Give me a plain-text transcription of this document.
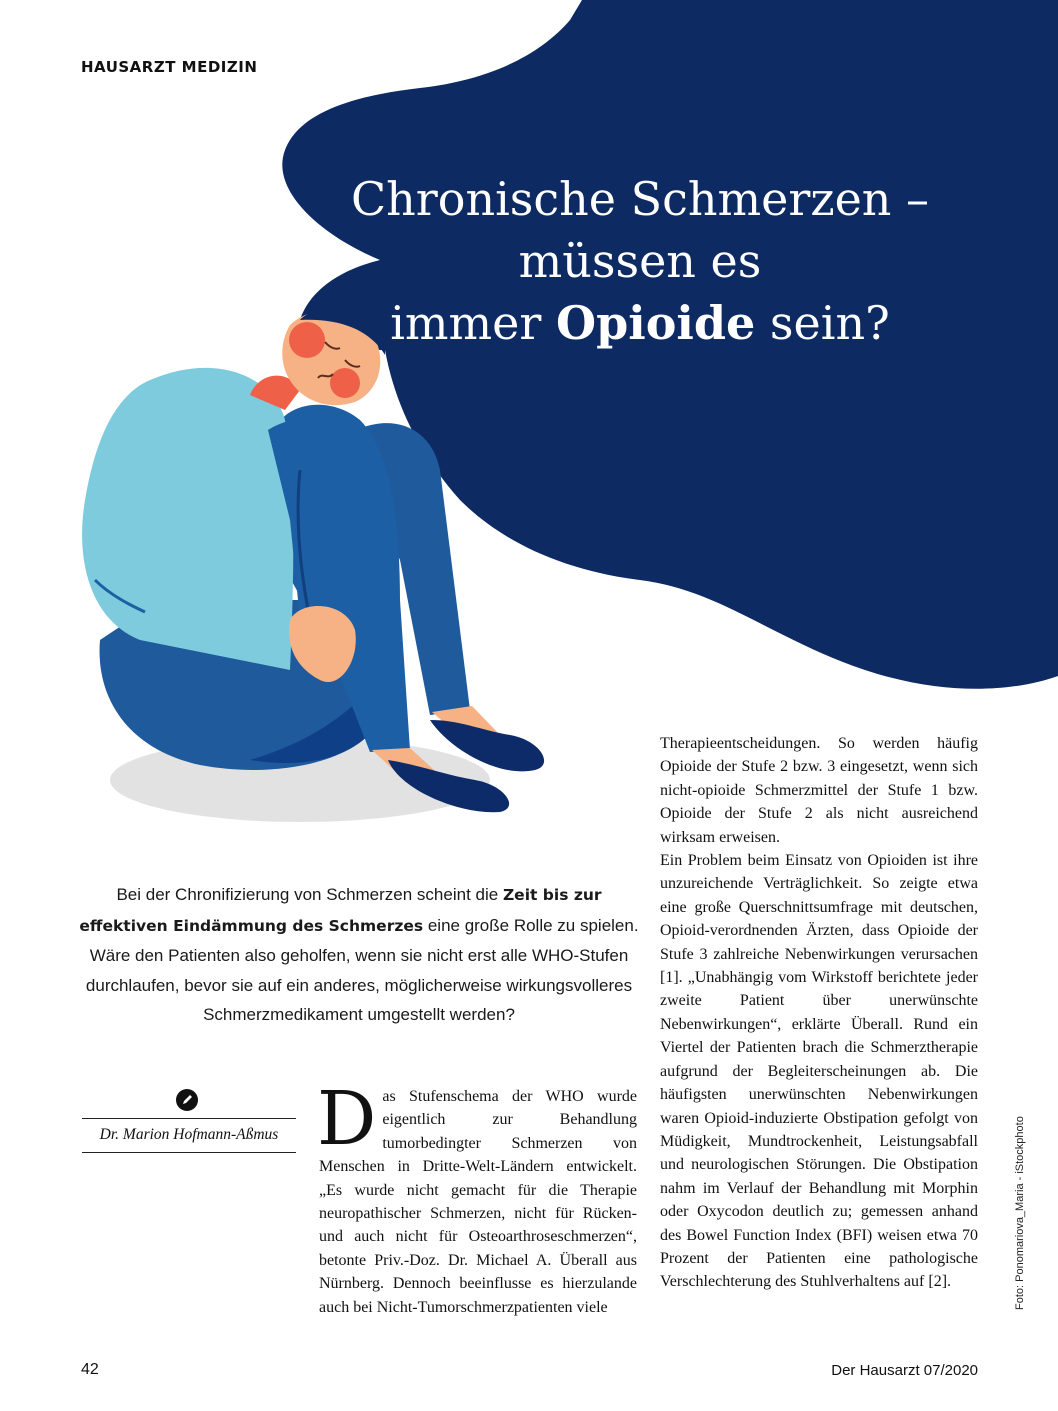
HAUSARZT MEDIZIN
Chronische Schmerzen –
müssen es
immer Opioide sein?
Bei der Chronifizierung von Schmerzen scheint die Zeit bis zur effektiven Eindämmung des Schmerzes eine große Rolle zu spielen. Wäre den Patienten also geholfen, wenn sie nicht erst alle WHO-Stufen durchlaufen, bevor sie auf ein anderes, möglicherweise wirkungsvolleres Schmerzmedikament umgestellt werden?
Dr. Marion Hofmann-Aßmus D as Stufenschema der WHO wurde eigentlich zur Behandlung tumorbedingter Schmerzen von Menschen in Dritte-Welt-Ländern entwickelt. „Es wurde nicht gemacht für die Therapie neuropathischer Schmerzen, nicht für Rücken- und auch nicht für Osteoarthroseschmerzen“, betonte Priv.-Doz. Dr. Michael A. Überall aus Nürnberg. Dennoch beeinflusse es hierzulande auch bei Nicht-Tumorschmerzpatienten viele

Therapieentscheidungen. So werden häufig Opioide der Stufe 2 bzw. 3 eingesetzt, wenn sich nicht-opioide Schmerzmittel der Stufe 1 bzw. Opioide der Stufe 2 als nicht ausreichend wirksam erweisen.

Ein Problem beim Einsatz von Opioiden ist ihre unzureichende Verträglichkeit. So zeigte etwa eine große Querschnittsumfrage mit deutschen, Opioid-verordnenden Ärzten, dass Opioide der Stufe 3 zahlreiche Nebenwirkungen verursachen [1]. „Unabhängig vom Wirkstoff berichtete jeder zweite Patient über unerwünschte Nebenwirkungen“, erklärte Überall. Rund ein Viertel der Patienten brach die Schmerztherapie aufgrund der Begleiterscheinungen ab. Die häufigsten unerwünschten Nebenwirkungen waren Opioid-induzierte Obstipation gefolgt von Müdigkeit, Mundtrockenheit, Leistungsabfall und neurologischen Störungen. Die Obstipation nahm im Verlauf der Behandlung mit Morphin oder Oxycodon deutlich zu; gemessen anhand des Bowel Function Index (BFI) weisen etwa 70 Prozent der Patienten eine pathologische Verschlechterung des Stuhlverhaltens auf [2].	Foto: Ponomariova_Maria - iStockphoto
42	Der Hausarzt 07/2020
